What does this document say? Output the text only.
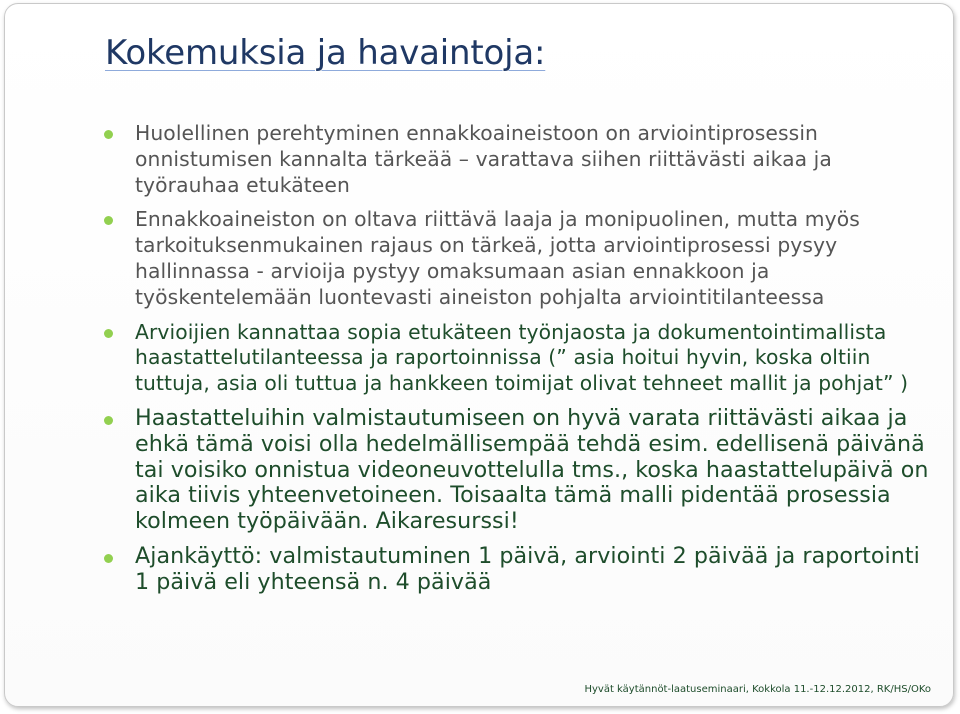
Kokemuksia ja havaintoja:
Huolellinen perehtyminen ennakkoaineistoon on arviointiprosessin onnistumisen kannalta tärkeää – varattava siihen riittävästi aikaa ja työrauhaa etukäteen
Ennakkoaineiston on oltava riittävä laaja ja monipuolinen, mutta myös tarkoituksenmukainen rajaus on tärkeä, jotta arviointiprosessi pysyy hallinnassa - arvioija pystyy omaksumaan asian ennakkoon ja työskentelemään luontevasti aineiston pohjalta arviointitilanteessa
Arvioijien kannattaa sopia etukäteen työnjaosta ja dokumentointimallista haastattelutilanteessa ja raportoinnissa (” asia hoitui hyvin, koska oltiin tuttuja, asia oli tuttua ja hankkeen toimijat olivat tehneet mallit ja pohjat” )
Haastatteluihin valmistautumiseen on hyvä varata riittävästi aikaa ja ehkä tämä voisi olla hedelmällisempää tehdä esim. edellisenä päivänä tai voisiko onnistua videoneuvottelulla tms., koska haastattelupäivä on aika tiivis yhteenvetoineen. Toisaalta tämä malli pidentää prosessia kolmeen työpäivään. Aikaresurssi!
Ajankäyttö: valmistautuminen 1 päivä, arviointi 2 päivää ja raportointi 1 päivä eli yhteensä n. 4 päivää
Hyvät käytännöt-laatuseminaari, Kokkola 11.-12.12.2012, RK/HS/OKo
